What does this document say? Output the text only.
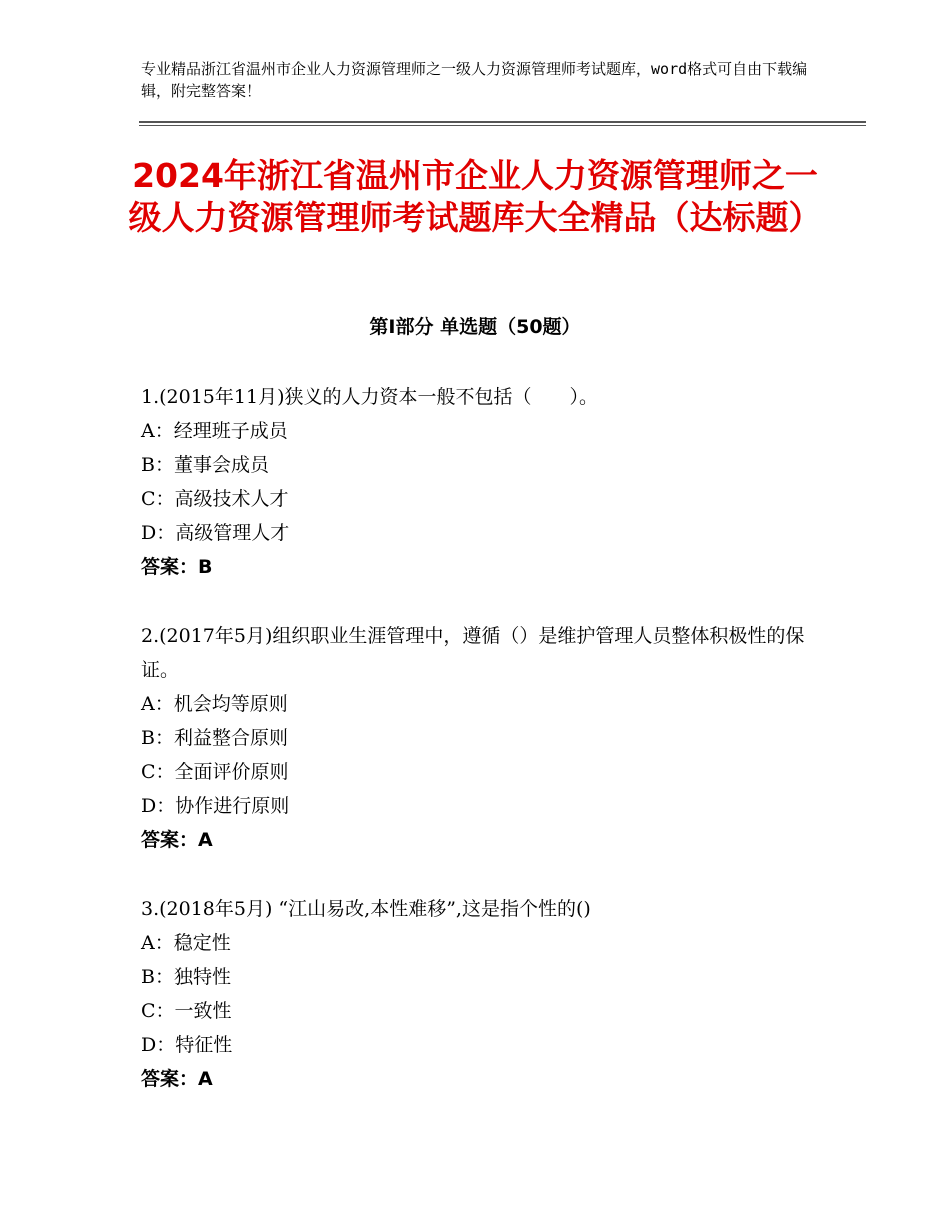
专业精品浙江省温州市企业人力资源管理师之一级人力资源管理师考试题库，word格式可自由下载编辑，附完整答案！
2024年浙江省温州市企业人力资源管理师之一级人力资源管理师考试题库大全精品（达标题）
第Ⅰ部分 单选题（50题）

1.(2015年11月)狭义的人力资本一般不包括（　　）。

A：经理班子成员

B：董事会成员

C：高级技术人才

D：高级管理人才

答案：B

2.(2017年5月)组织职业生涯管理中，遵循（）是维护管理人员整体积极性的保证。

A：机会均等原则

B：利益整合原则

C：全面评价原则

D：协作进行原则

答案：A

3.(2018年5月) “江山易改,本性难移”,这是指个性的()

A：稳定性

B：独特性

C：一致性

D：特征性

答案：A
